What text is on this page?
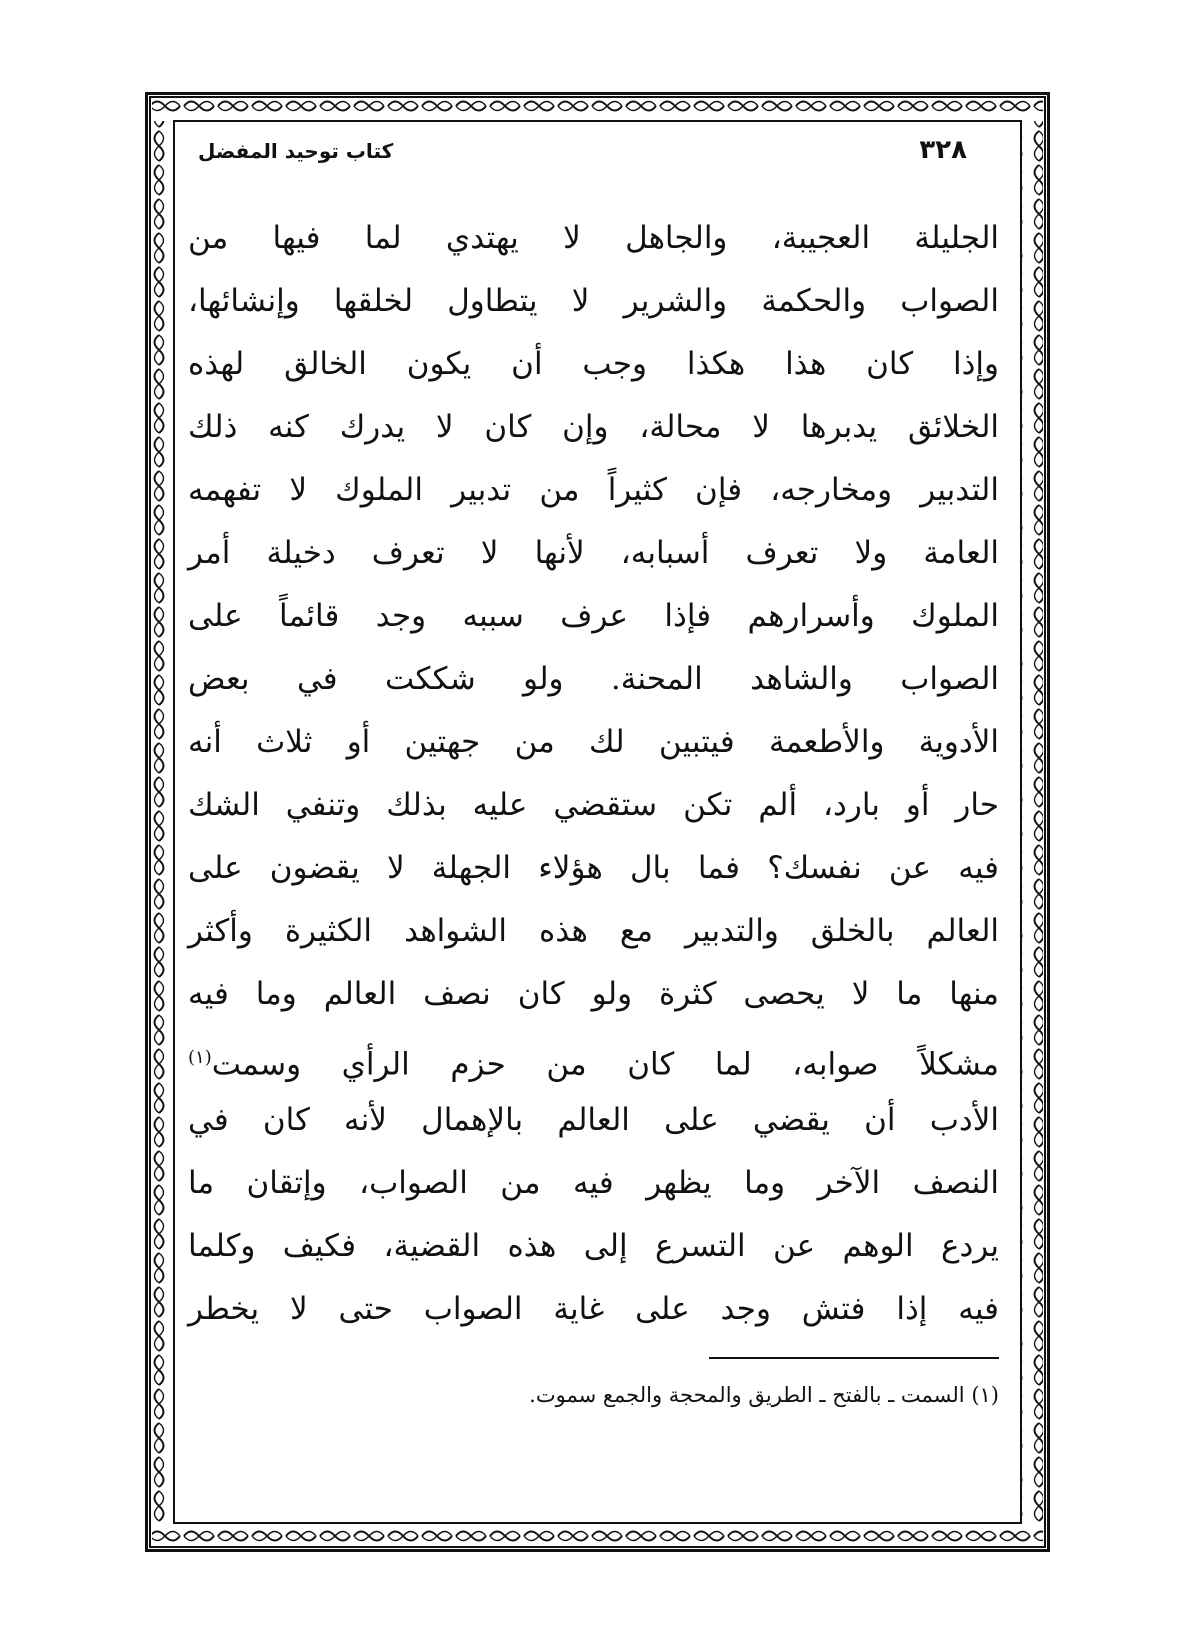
٣٢٨
كتاب توحيد المفضل
الجليلة العجيبة، والجاهل لا يهتدي لما فيها من
الصواب والحكمة والشرير لا يتطاول لخلقها وإنشائها،
وإذا كان هذا هكذا وجب أن يكون الخالق لهذه
الخلائق يدبرها لا محالة، وإن كان لا يدرك كنه ذلك
التدبير ومخارجه، فإن كثيراً من تدبير الملوك لا تفهمه
العامة ولا تعرف أسبابه، لأنها لا تعرف دخيلة أمر
الملوك وأسرارهم فإذا عرف سببه وجد قائماً على
الصواب والشاهد المحنة. ولو شككت في بعض
الأدوية والأطعمة فيتبين لك من جهتين أو ثلاث أنه
حار أو بارد، ألم تكن ستقضي عليه بذلك وتنفي الشك
فيه عن نفسك؟ فما بال هؤلاء الجهلة لا يقضون على
العالم بالخلق والتدبير مع هذه الشواهد الكثيرة وأكثر
منها ما لا يحصى كثرة ولو كان نصف العالم وما فيه
مشكلاً صوابه، لما كان من حزم الرأي وسمت$^{(١)}$
الأدب أن يقضي على العالم بالإهمال لأنه كان في
النصف الآخر وما يظهر فيه من الصواب، وإتقان ما
يردع الوهم عن التسرع إلى هذه القضية، فكيف وكلما
فيه إذا فتش وجد على غاية الصواب حتى لا يخطر
(١) السمت ـ بالفتح ـ الطريق والمحجة والجمع سموت.
